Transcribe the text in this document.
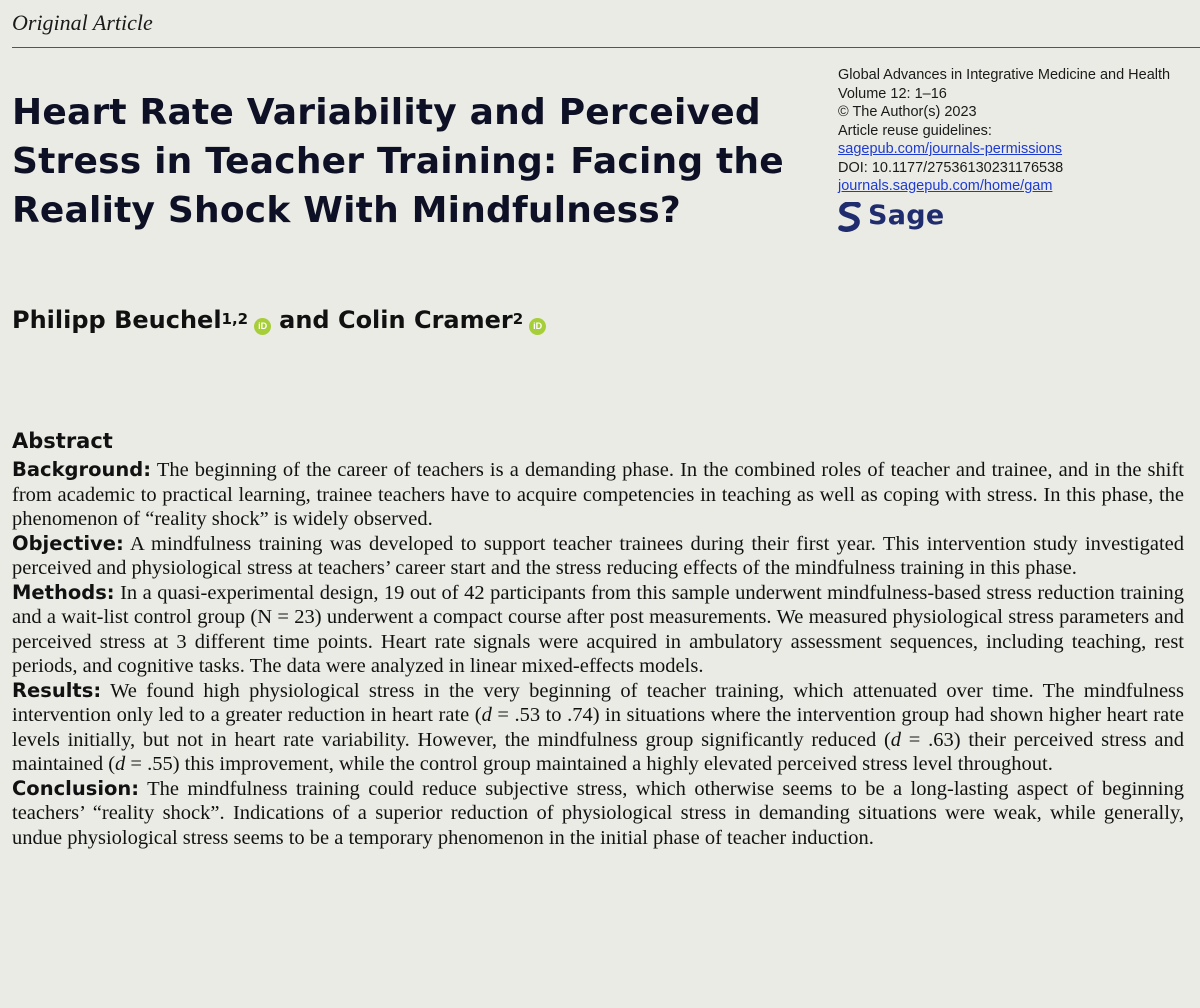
Original Article
Heart Rate Variability and Perceived Stress in Teacher Training: Facing the Reality Shock With Mindfulness?
Global Advances in Integrative Medicine and Health
Volume 12: 1–16
© The Author(s) 2023
Article reuse guidelines:
sagepub.com/journals-permissions
DOI: 10.1177/27536130231176538
journals.sagepub.com/home/gam
Sage
Philipp Beuchel$^{1,2}$	iD and
Colin Cramer$^2$	iD
Abstract

Background: The beginning of the career of teachers is a demanding phase. In the combined roles of teacher and trainee, and in the shift from academic to practical learning, trainee teachers have to acquire competencies in teaching as well as coping with stress. In this phase, the phenomenon of “reality shock” is widely observed.

Objective: A mindfulness training was developed to support teacher trainees during their first year. This intervention study investigated perceived and physiological stress at teachers’ career start and the stress reducing effects of the mindfulness training in this phase.

Methods: In a quasi-experimental design, 19 out of 42 participants from this sample underwent mindfulness-based stress reduction training and a wait-list control group (N = 23) underwent a compact course after post measurements. We measured physiological stress parameters and perceived stress at 3 different time points. Heart rate signals were acquired in ambulatory assessment sequences, including teaching, rest periods, and cognitive tasks. The data were analyzed in linear mixed-effects models.

Results: We found high physiological stress in the very beginning of teacher training, which attenuated over time. The mindfulness intervention only led to a greater reduction in heart rate (d = .53 to .74) in situations where the intervention group had shown higher heart rate levels initially, but not in heart rate variability. However, the mindfulness group significantly reduced (d = .63) their perceived stress and maintained (d = .55) this improvement, while the control group maintained a highly elevated perceived stress level throughout.

Conclusion: The mindfulness training could reduce subjective stress, which otherwise seems to be a long-lasting aspect of beginning teachers’ “reality shock”. Indications of a superior reduction of physiological stress in demanding situations were weak, while generally, undue physiological stress seems to be a temporary phenomenon in the initial phase of teacher induction.
